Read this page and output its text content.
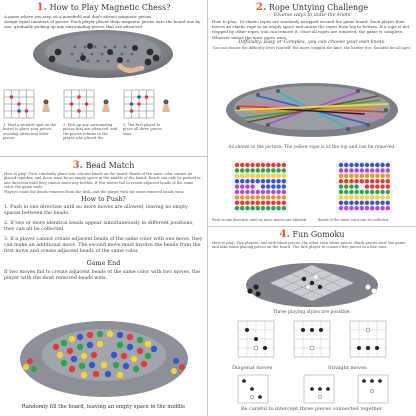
1. How to Play Magnetic Chess?
A game where you step on a minefield and don't attract magnetic pieces
Assign equal numbers of pieces. Each player places their magnetic pieces onto the board one by one, gradually picking up any surrounding pieces that are attracted.
1. Find a suitable spot on the board to place your pieces, avoiding attracting other pieces
2. Pick up any surrounding pieces that are attracted, and the pieces returns to the player who placed the
3. The first player to place all three pieces wins
2. Rope Untying Challenge
Diverse ways to untie the knots
How to play: 10 elastic ropes are randomly wrapped around the game board. Each player then moves an elastic rope to an empty space and unties the ropes from top to bottom. If a rope is not trapped by other ropes, you can remove it. Once all ropes are removed, the game is complete. Whoever unties the most ropes wins.
Difficulty: Easy or Complex, you can choose your own knots.
You can choose the difficulty level yourself: the more complex the knot, the harder it is. Suitable for all ages.
As shown in the picture: The yellow rope is at the top and can be removed.
3. Bead Match
How to play: First, randomly place four colored beads on the board. Beads of the same color cannot be placed together, and there must be an empty space in the middle of the board. Beads can only be pushed in one direction until they cannot move any further. If two moves fail to create adjacent beads of the same color, the game ends.
Players count the beads removed from the dish, and the player with the most removed beads wins.
How to Push?
1. Push in one direction until no more moves are allowed, leaving no empty spaces between the beads.
2. If two or more identical beads appear simultaneously in different positions, they can all be collected.
3. If a player cannot create adjacent beads of the same color with one move, they can make an additional move. The second move must involve the beads from the first move and create adjacent beads of the same color.
Game End
If two moves fail to create adjacent beads of the same color with two moves, the player with the most removed beads wins.
Randomly fill the board, leaving an empty space in the middle
Push in one direction until no more moves are allowed.	Beads of the same color can be collected.
4. Fun Gomoku
How to play: Two players, one with black pieces, the other with white pieces. Black pieces start the game, and take turns placing pieces on the board. The first player to connect five pieces in a line wins.
Three playing styles are possible:
Diagonal moves	Straight moves
Be careful to intercept three pieces connected together.
